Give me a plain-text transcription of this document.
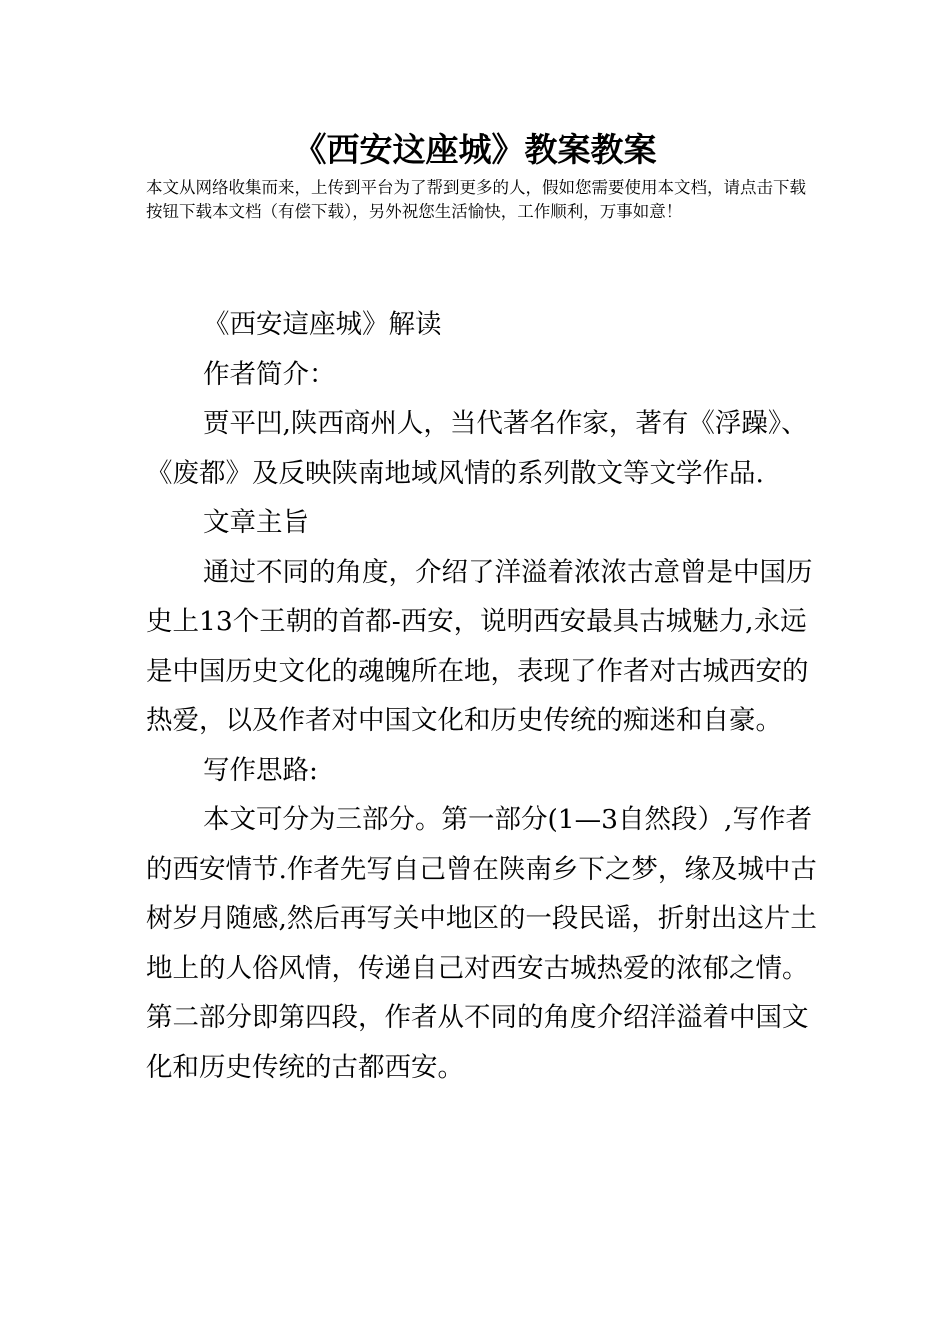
《西安这座城》教案教案
本文从网络收集而来，上传到平台为了帮到更多的人，假如您需要使用本文档，请点击下载按钮下载本文档（有偿下载），另外祝您生活愉快，工作顺利，万事如意！

《西安這座城》解读

作者简介：

贾平凹,陕西商州人，当代著名作家，著有《浮躁》、《废都》及反映陕南地域风情的系列散文等文学作品.

文章主旨

通过不同的角度，介绍了洋溢着浓浓古意曾是中国历史上13个王朝的首都-西安，说明西安最具古城魅力,永远是中国历史文化的魂魄所在地，表现了作者对古城西安的热爱，以及作者对中国文化和历史传统的痴迷和自豪。

写作思路:

本文可分为三部分。第一部分(1—3自然段）,写作者的西安情节.作者先写自己曾在陕南乡下之梦，缘及城中古树岁月随感,然后再写关中地区的一段民谣，折射出这片土地上的人俗风情，传递自己对西安古城热爱的浓郁之情。第二部分即第四段，作者从不同的角度介绍洋溢着中国文化和历史传统的古都西安。
